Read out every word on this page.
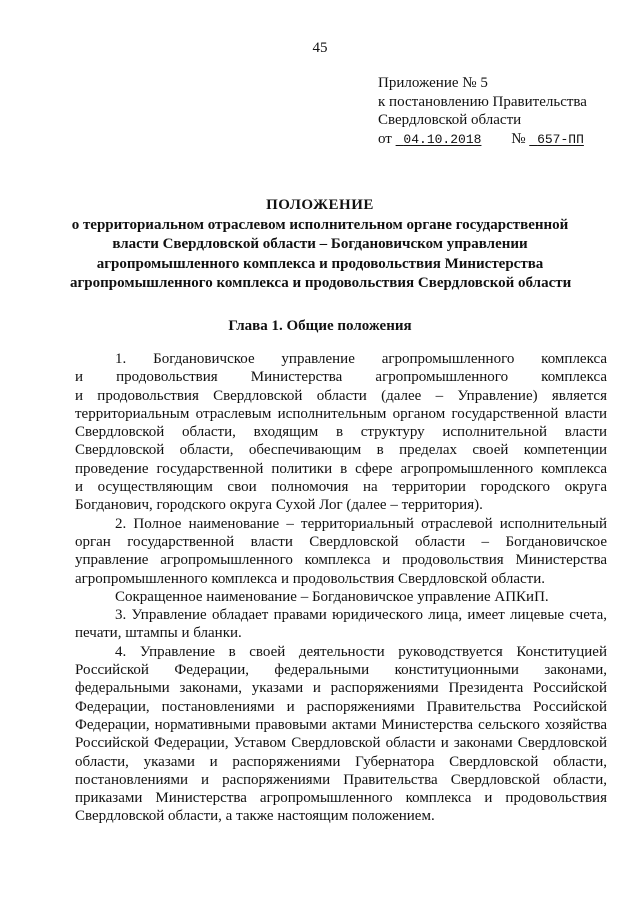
45
Приложение № 5
к постановлению Правительства
Свердловской области
от 04.10.2018 № 657-ПП
ПОЛОЖЕНИЕ
о территориальном отраслевом исполнительном органе государственной
власти Свердловской области – Богдановичском управлении
агропромышленного комплекса и продовольствия Министерства
агропромышленного комплекса и продовольствия Свердловской области
Глава 1. Общие положения
1. Богдановичское управление агропромышленного комплекса
и продовольствия Министерства агропромышленного комплекса
и продовольствия Свердловской области (далее – Управление) является
территориальным отраслевым исполнительным органом государственной власти
Свердловской области, входящим в структуру исполнительной власти
Свердловской области, обеспечивающим в пределах своей компетенции
проведение государственной политики в сфере агропромышленного комплекса
и осуществляющим свои полномочия на территории городского округа
Богданович, городского округа Сухой Лог (далее – территория).
2. Полное наименование – территориальный отраслевой исполнительный
орган государственной власти Свердловской области – Богдановичское
управление агропромышленного комплекса и продовольствия Министерства
агропромышленного комплекса и продовольствия Свердловской области.
Сокращенное наименование – Богдановичское управление АПКиП.
3. Управление обладает правами юридического лица, имеет лицевые счета,
печати, штампы и бланки.
4. Управление в своей деятельности руководствуется Конституцией
Российской Федерации, федеральными конституционными законами,
федеральными законами, указами и распоряжениями Президента Российской
Федерации, постановлениями и распоряжениями Правительства Российской
Федерации, нормативными правовыми актами Министерства сельского хозяйства
Российской Федерации, Уставом Свердловской области и законами Свердловской
области, указами и распоряжениями Губернатора Свердловской области,
постановлениями и распоряжениями Правительства Свердловской области,
приказами Министерства агропромышленного комплекса и продовольствия
Свердловской области, а также настоящим положением.
